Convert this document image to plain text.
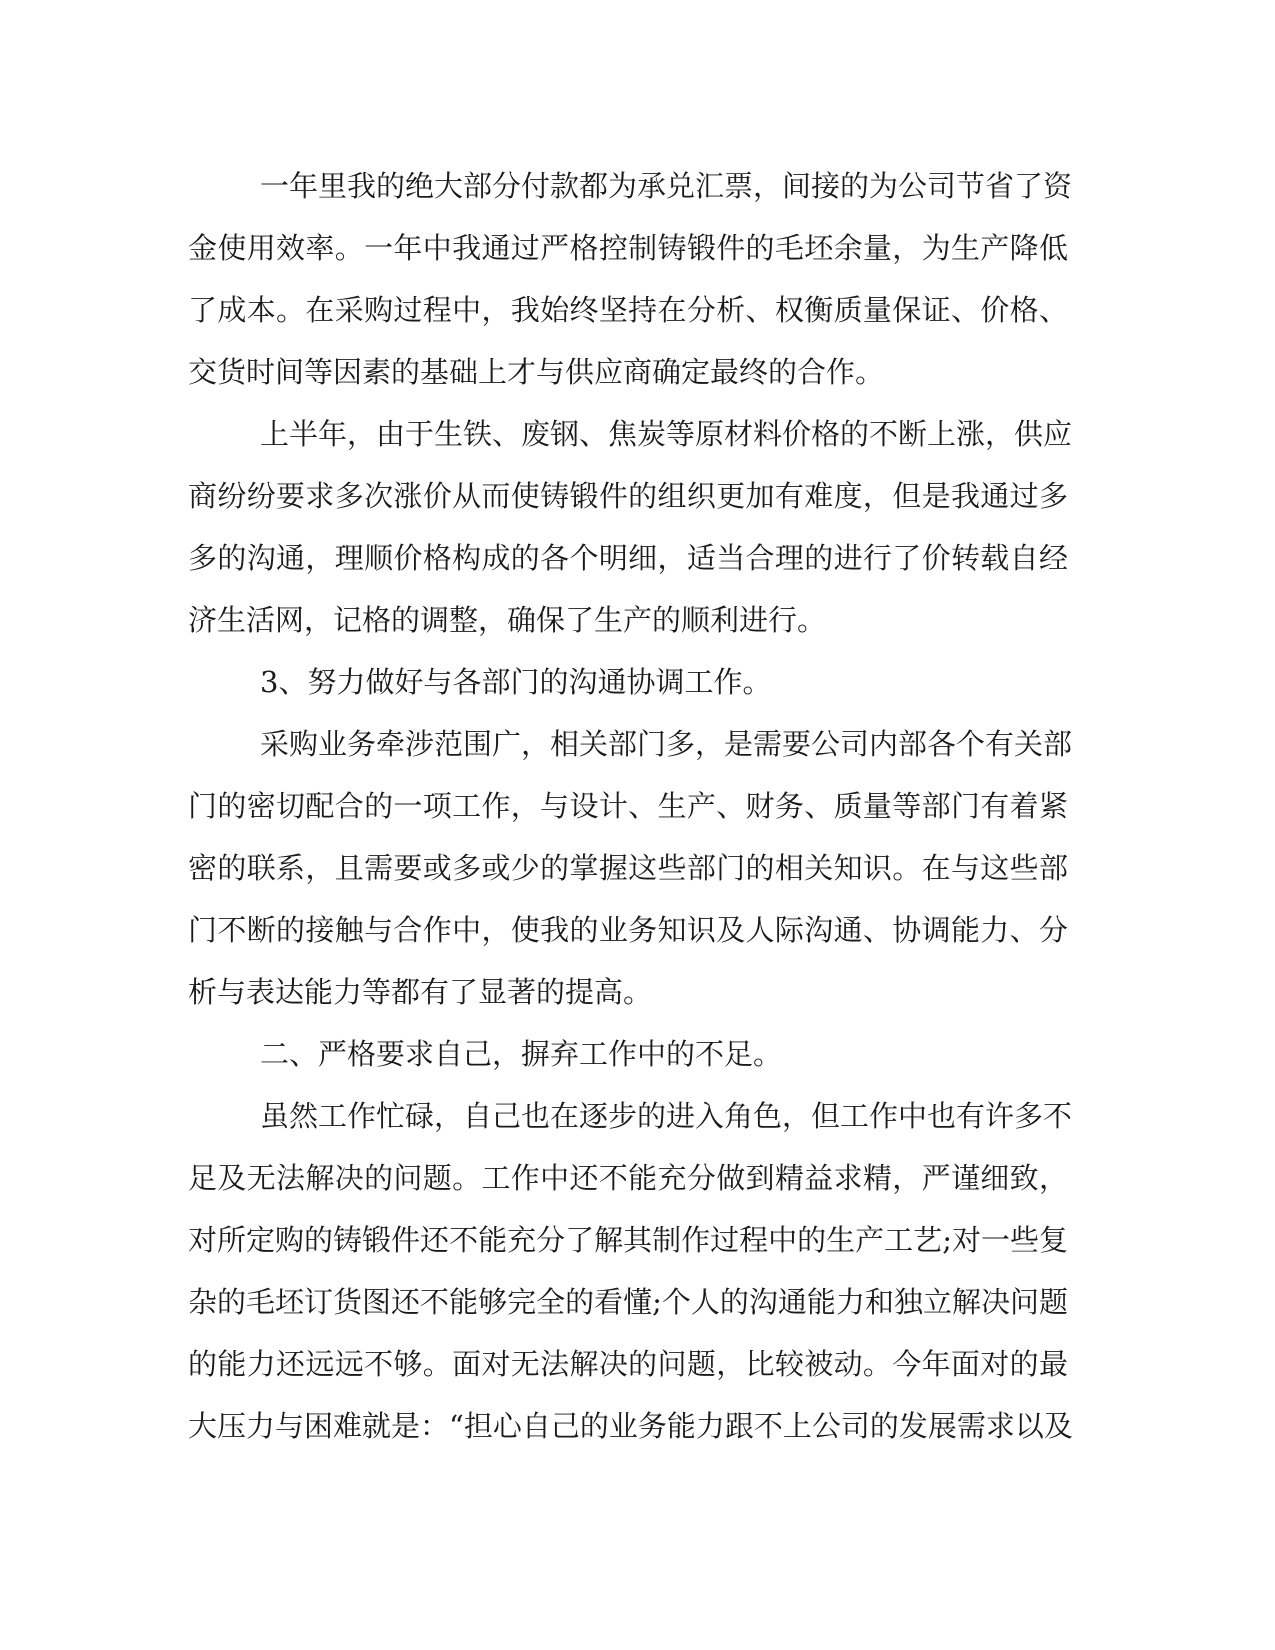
一年里我的绝大部分付款都为承兑汇票，间接的为公司节省了资
金使用效率。一年中我通过严格控制铸锻件的毛坯余量，为生产降低
了成本。在采购过程中，我始终坚持在分析、权衡质量保证、价格、
交货时间等因素的基础上才与供应商确定最终的合作。
上半年，由于生铁、废钢、焦炭等原材料价格的不断上涨，供应
商纷纷要求多次涨价从而使铸锻件的组织更加有难度，但是我通过多
多的沟通，理顺价格构成的各个明细，适当合理的进行了价转载自经
济生活网，记格的调整，确保了生产的顺利进行。
3、努力做好与各部门的沟通协调工作。
采购业务牵涉范围广，相关部门多，是需要公司内部各个有关部
门的密切配合的一项工作，与设计、生产、财务、质量等部门有着紧
密的联系，且需要或多或少的掌握这些部门的相关知识。在与这些部
门不断的接触与合作中，使我的业务知识及人际沟通、协调能力、分
析与表达能力等都有了显著的提高。
二、严格要求自己，摒弃工作中的不足。
虽然工作忙碌，自己也在逐步的进入角色，但工作中也有许多不
足及无法解决的问题。工作中还不能充分做到精益求精，严谨细致，
对所定购的铸锻件还不能充分了解其制作过程中的生产工艺;对一些复
杂的毛坯订货图还不能够完全的看懂;个人的沟通能力和独立解决问题
的能力还远远不够。面对无法解决的问题，比较被动。今年面对的最
大压力与困难就是：“担心自己的业务能力跟不上公司的发展需求以及
